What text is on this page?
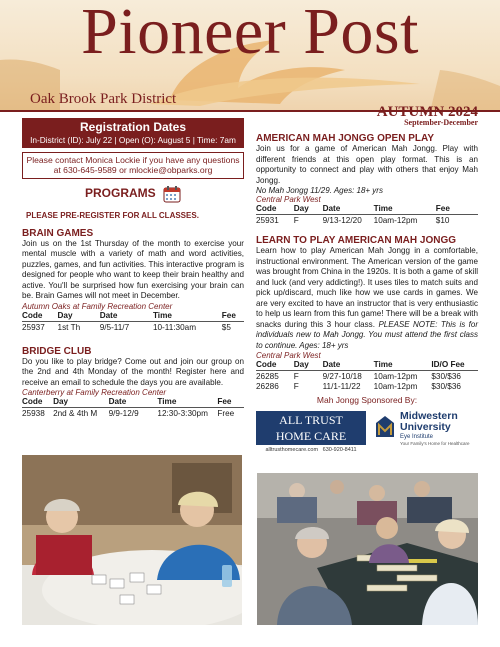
Pioneer Post
Oak Brook Park District
Registration Dates
In-District (ID): July 22 | Open (O): August 5 | Time: 7am
Please contact Monica Lockie if you have any questions at 630-645-9589 or mlockie@obparks.org
PROGRAMS
PLEASE PRE-REGISTER FOR ALL CLASSES.
BRAIN GAMES
Join us on the 1st Thursday of the month to exercise your mental muscle with a variety of math and word activities, puzzles, games, and fun activities. This interactive program is designed for people who want to keep their brain healthy and active. You'll be surprised how fun exercising your brain can be. Brain Games will not meet in December.
Autumn Oaks at Family Recreation Center
Code	Day	Date	Time	Fee
25937	1st Th	9/5-11/7	10-11:30am	$5
BRIDGE CLUB
Do you like to play bridge? Come out and join our group on the 2nd and 4th Monday of the month! Register here and receive an email to schedule the days you are available.
Canterberry at Family Recreation Center
Code	Day	Date	Time	Fee
25938	2nd & 4th M	9/9-12/9	12:30-3:30pm	Free
AUTUMN 2024
September-December
AMERICAN MAH JONGG OPEN PLAY
Join us for a game of American Mah Jongg. Play with different friends at this open play format. This is an opportunity to connect and play with others that enjoy Mah Jongg.
No Mah Jongg 11/29. Ages: 18+ yrs
Central Park West
Code	Day	Date	Time	Fee
25931	F	9/13-12/20	10am-12pm	$10
LEARN TO PLAY AMERICAN MAH JONGG
Learn how to play American Mah Jongg in a comfortable, instructional environment. The American version of the game was brought from China in the 1920s. It is both a game of skill and luck (and very addicting!). It uses tiles to match suits and pick up/discard, much like how we use cards in games. We are very excited to have an instructor that is very enthusiastic to help us learn from this fun game! There will be a break with snacks during this 3 hour class. PLEASE NOTE: This is for individuals new to Mah Jongg. You must attend the first class to continue. Ages: 18+ yrs
Central Park West
Code	Day	Date	Time	ID/O Fee
26285	F	9/27-10/18	10am-12pm	$30/$36
26286	F	11/1-11/22	10am-12pm	$30/$36
Mah Jongg Sponsored By:
ALL TRUST
HOME CARE
alltrusthomecare.com 630-920-8411
Midwestern
University
Eye Institute
Your Family's Home for Healthcare
